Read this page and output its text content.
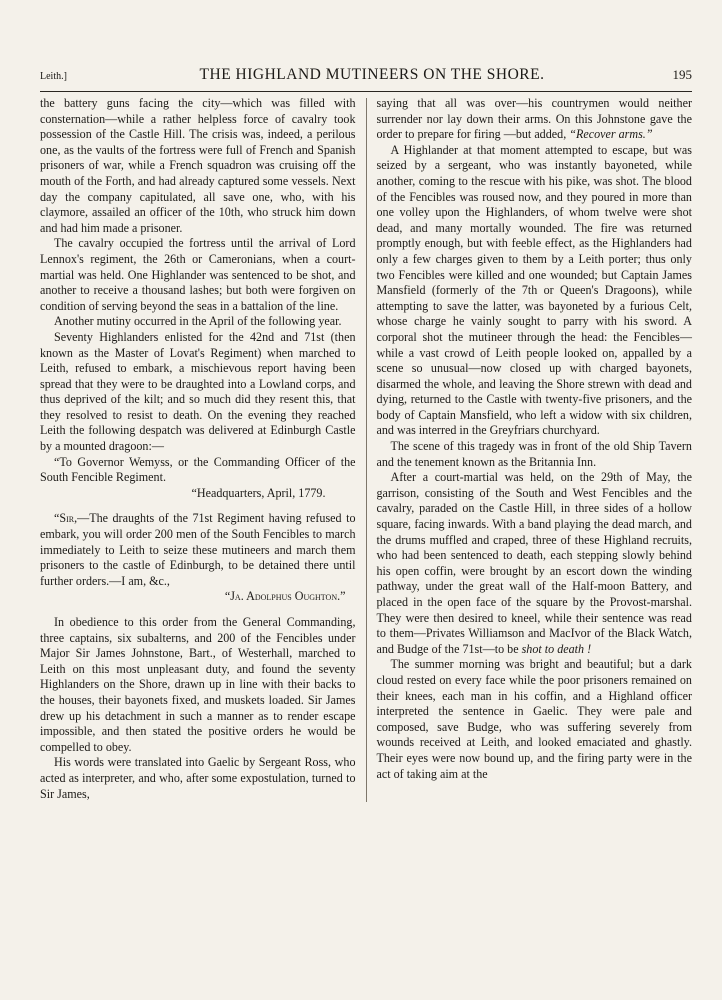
Leith.]	THE HIGHLAND MUTINEERS ON THE SHORE.	195

the battery guns facing the city—which was filled with consternation—while a rather helpless force of cavalry took possession of the Castle Hill. The crisis was, indeed, a perilous one, as the vaults of the fortress were full of French and Spanish prisoners of war, while a French squadron was cruising off the mouth of the Forth, and had already captured some vessels. Next day the company capitulated, all save one, who, with his claymore, assailed an officer of the 10th, who struck him down and had him made a prisoner.

The cavalry occupied the fortress until the arrival of Lord Lennox's regiment, the 26th or Cameronians, when a court-martial was held. One Highlander was sentenced to be shot, and another to receive a thousand lashes; but both were forgiven on condition of serving beyond the seas in a battalion of the line.

Another mutiny occurred in the April of the following year.

Seventy Highlanders enlisted for the 42nd and 71st (then known as the Master of Lovat's Regiment) when marched to Leith, refused to embark, a mischievous report having been spread that they were to be draughted into a Lowland corps, and thus deprived of the kilt; and so much did they resent this, that they resolved to resist to death. On the evening they reached Leith the following despatch was delivered at Edinburgh Castle by a mounted dragoon:—

“To Governor Wemyss, or the Commanding Officer of the South Fencible Regiment.

“Headquarters, April, 1779.

“Sir,—The draughts of the 71st Regiment having refused to embark, you will order 200 men of the South Fencibles to march immediately to Leith to seize these mutineers and march them prisoners to the castle of Edinburgh, to be detained there until further orders.—I am, &c.,

“Ja. Adolphus Oughton.”

In obedience to this order from the General Commanding, three captains, six subalterns, and 200 of the Fencibles under Major Sir James Johnstone, Bart., of Westerhall, marched to Leith on this most unpleasant duty, and found the seventy Highlanders on the Shore, drawn up in line with their backs to the houses, their bayonets fixed, and muskets loaded. Sir James drew up his detachment in such a manner as to render escape impossible, and then stated the positive orders he would be compelled to obey.

His words were translated into Gaelic by Sergeant Ross, who acted as interpreter, and who, after some expostulation, turned to Sir James,

saying that all was over—his countrymen would neither surrender nor lay down their arms. On this Johnstone gave the order to prepare for firing —but added, “Recover arms.”

A Highlander at that moment attempted to escape, but was seized by a sergeant, who was instantly bayoneted, while another, coming to the rescue with his pike, was shot. The blood of the Fencibles was roused now, and they poured in more than one volley upon the Highlanders, of whom twelve were shot dead, and many mortally wounded. The fire was returned promptly enough, but with feeble effect, as the Highlanders had only a few charges given to them by a Leith porter; thus only two Fencibles were killed and one wounded; but Captain James Mansfield (formerly of the 7th or Queen's Dragoons), while attempting to save the latter, was bayoneted by a furious Celt, whose charge he vainly sought to parry with his sword. A corporal shot the mutineer through the head: the Fencibles—while a vast crowd of Leith people looked on, appalled by a scene so unusual—now closed up with charged bayonets, disarmed the whole, and leaving the Shore strewn with dead and dying, returned to the Castle with twenty-five prisoners, and the body of Captain Mansfield, who left a widow with six children, and was interred in the Greyfriars churchyard.

The scene of this tragedy was in front of the old Ship Tavern and the tenement known as the Britannia Inn.

After a court-martial was held, on the 29th of May, the garrison, consisting of the South and West Fencibles and the cavalry, paraded on the Castle Hill, in three sides of a hollow square, facing inwards. With a band playing the dead march, and the drums muffled and craped, three of these Highland recruits, who had been sentenced to death, each stepping slowly behind his open coffin, were brought by an escort down the winding pathway, under the great wall of the Half-moon Battery, and placed in the open face of the square by the Provost-marshal. They were then desired to kneel, while their sentence was read to them—Privates Williamson and MacIvor of the Black Watch, and Budge of the 71st—to be shot to death !

The summer morning was bright and beautiful; but a dark cloud rested on every face while the poor prisoners remained on their knees, each man in his coffin, and a Highland officer interpreted the sentence in Gaelic. They were pale and composed, save Budge, who was suffering severely from wounds received at Leith, and looked emaciated and ghastly. Their eyes were now bound up, and the firing party were in the act of taking aim at the
